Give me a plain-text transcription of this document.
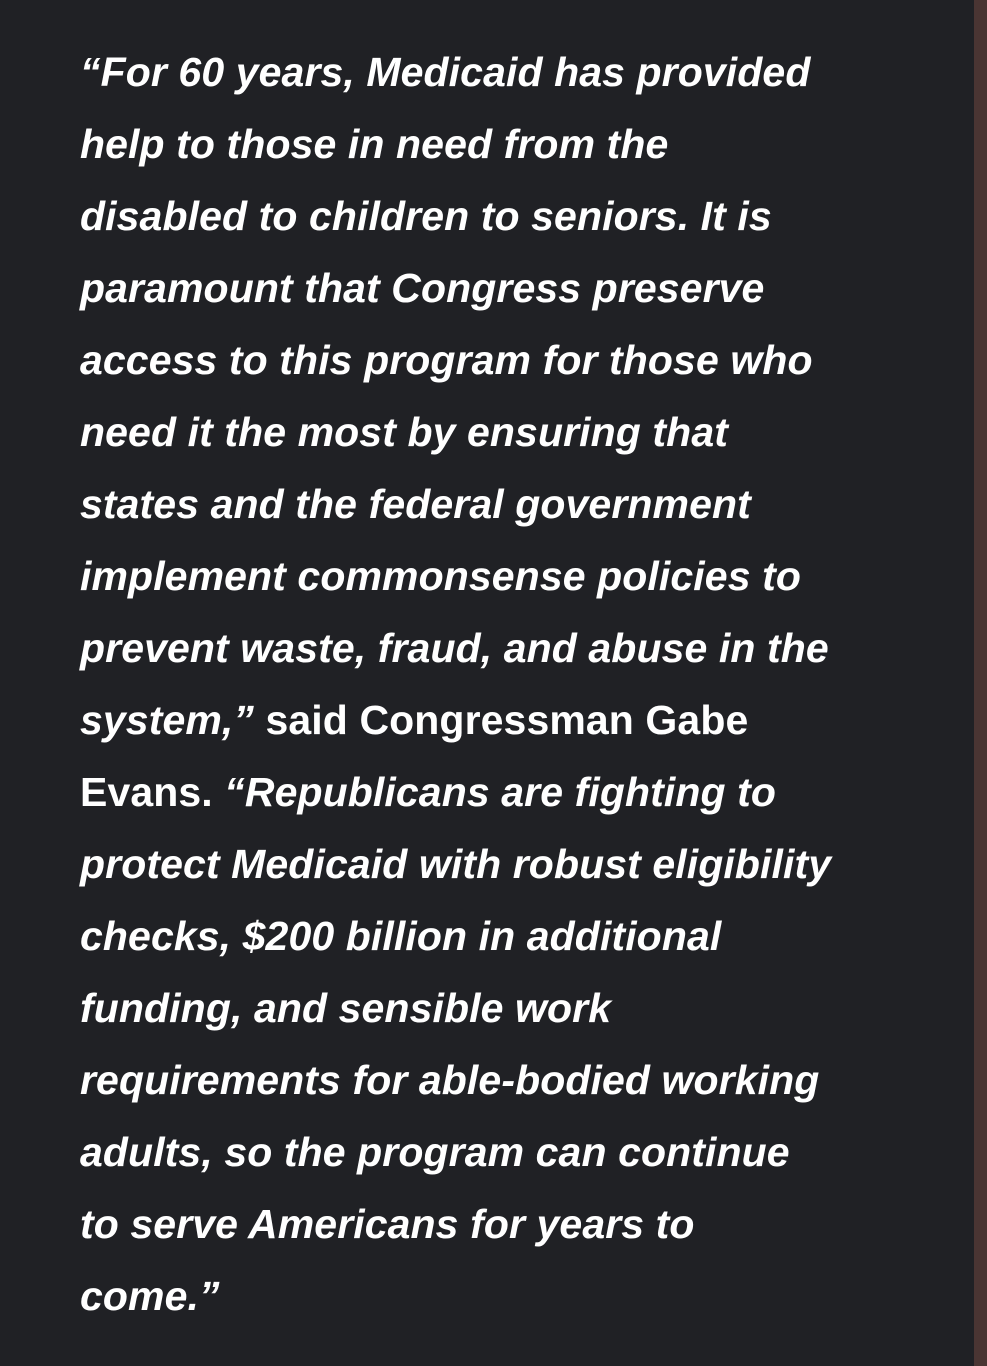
“For 60 years, Medicaid has provided
help to those in need from the
disabled to children to seniors. It is
paramount that Congress preserve
access to this program for those who
need it the most by ensuring that
states and the federal government
implement commonsense policies to
prevent waste, fraud, and abuse in the
system,” said Congressman Gabe
Evans. “Republicans are fighting to
protect Medicaid with robust eligibility
checks, $200 billion in additional
funding, and sensible work
requirements for able-bodied working
adults, so the program can continue
to serve Americans for years to
come.”
